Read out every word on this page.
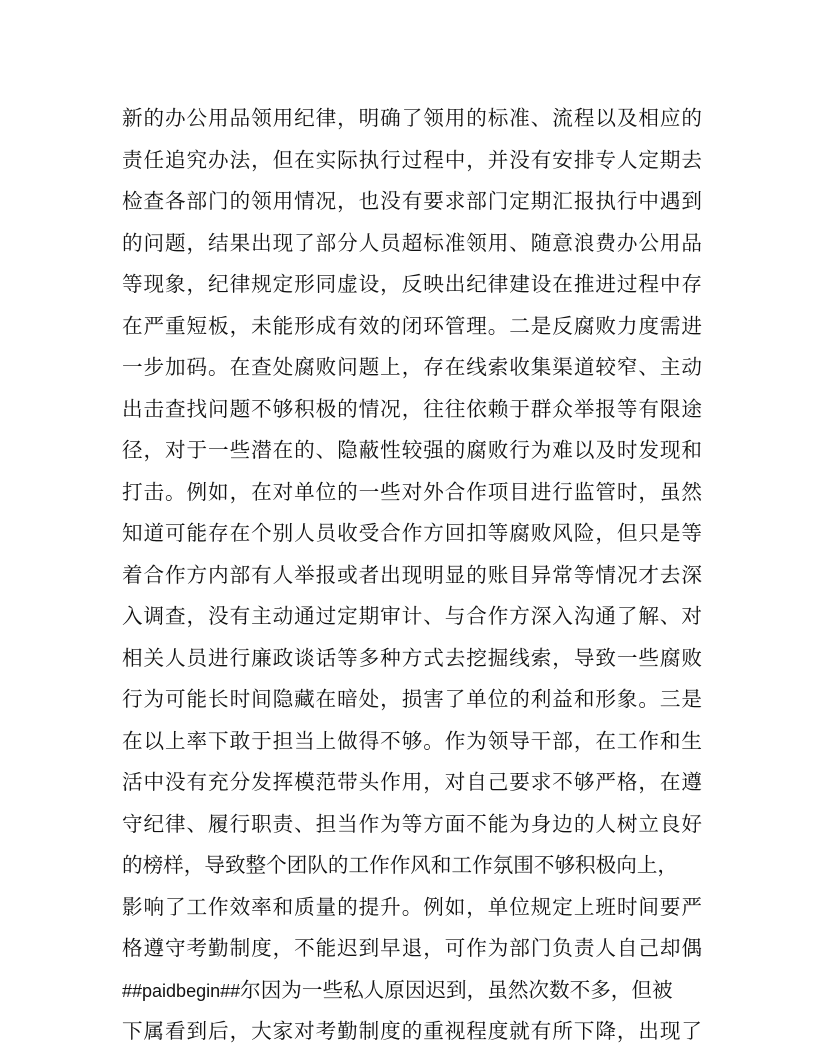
新的办公用品领用纪律，明确了领用的标准、流程以及相应的
责任追究办法，但在实际执行过程中，并没有安排专人定期去
检查各部门的领用情况，也没有要求部门定期汇报执行中遇到
的问题，结果出现了部分人员超标准领用、随意浪费办公用品
等现象，纪律规定形同虚设，反映出纪律建设在推进过程中存
在严重短板，未能形成有效的闭环管理。二是反腐败力度需进
一步加码。在查处腐败问题上，存在线索收集渠道较窄、主动
出击查找问题不够积极的情况，往往依赖于群众举报等有限途
径，对于一些潜在的、隐蔽性较强的腐败行为难以及时发现和
打击。例如，在对单位的一些对外合作项目进行监管时，虽然
知道可能存在个别人员收受合作方回扣等腐败风险，但只是等
着合作方内部有人举报或者出现明显的账目异常等情况才去深
入调查，没有主动通过定期审计、与合作方深入沟通了解、对
相关人员进行廉政谈话等多种方式去挖掘线索，导致一些腐败
行为可能长时间隐藏在暗处，损害了单位的利益和形象。三是
在以上率下敢于担当上做得不够。作为领导干部，在工作和生
活中没有充分发挥模范带头作用，对自己要求不够严格，在遵
守纪律、履行职责、担当作为等方面不能为身边的人树立良好
的榜样，导致整个团队的工作作风和工作氛围不够积极向上，
影响了工作效率和质量的提升。例如，单位规定上班时间要严
格遵守考勤制度，不能迟到早退，可作为部门负责人自己却偶
##paidbegin##尔因为一些私人原因迟到，虽然次数不多，但被
下属看到后，大家对考勤制度的重视程度就有所下降，出现了
